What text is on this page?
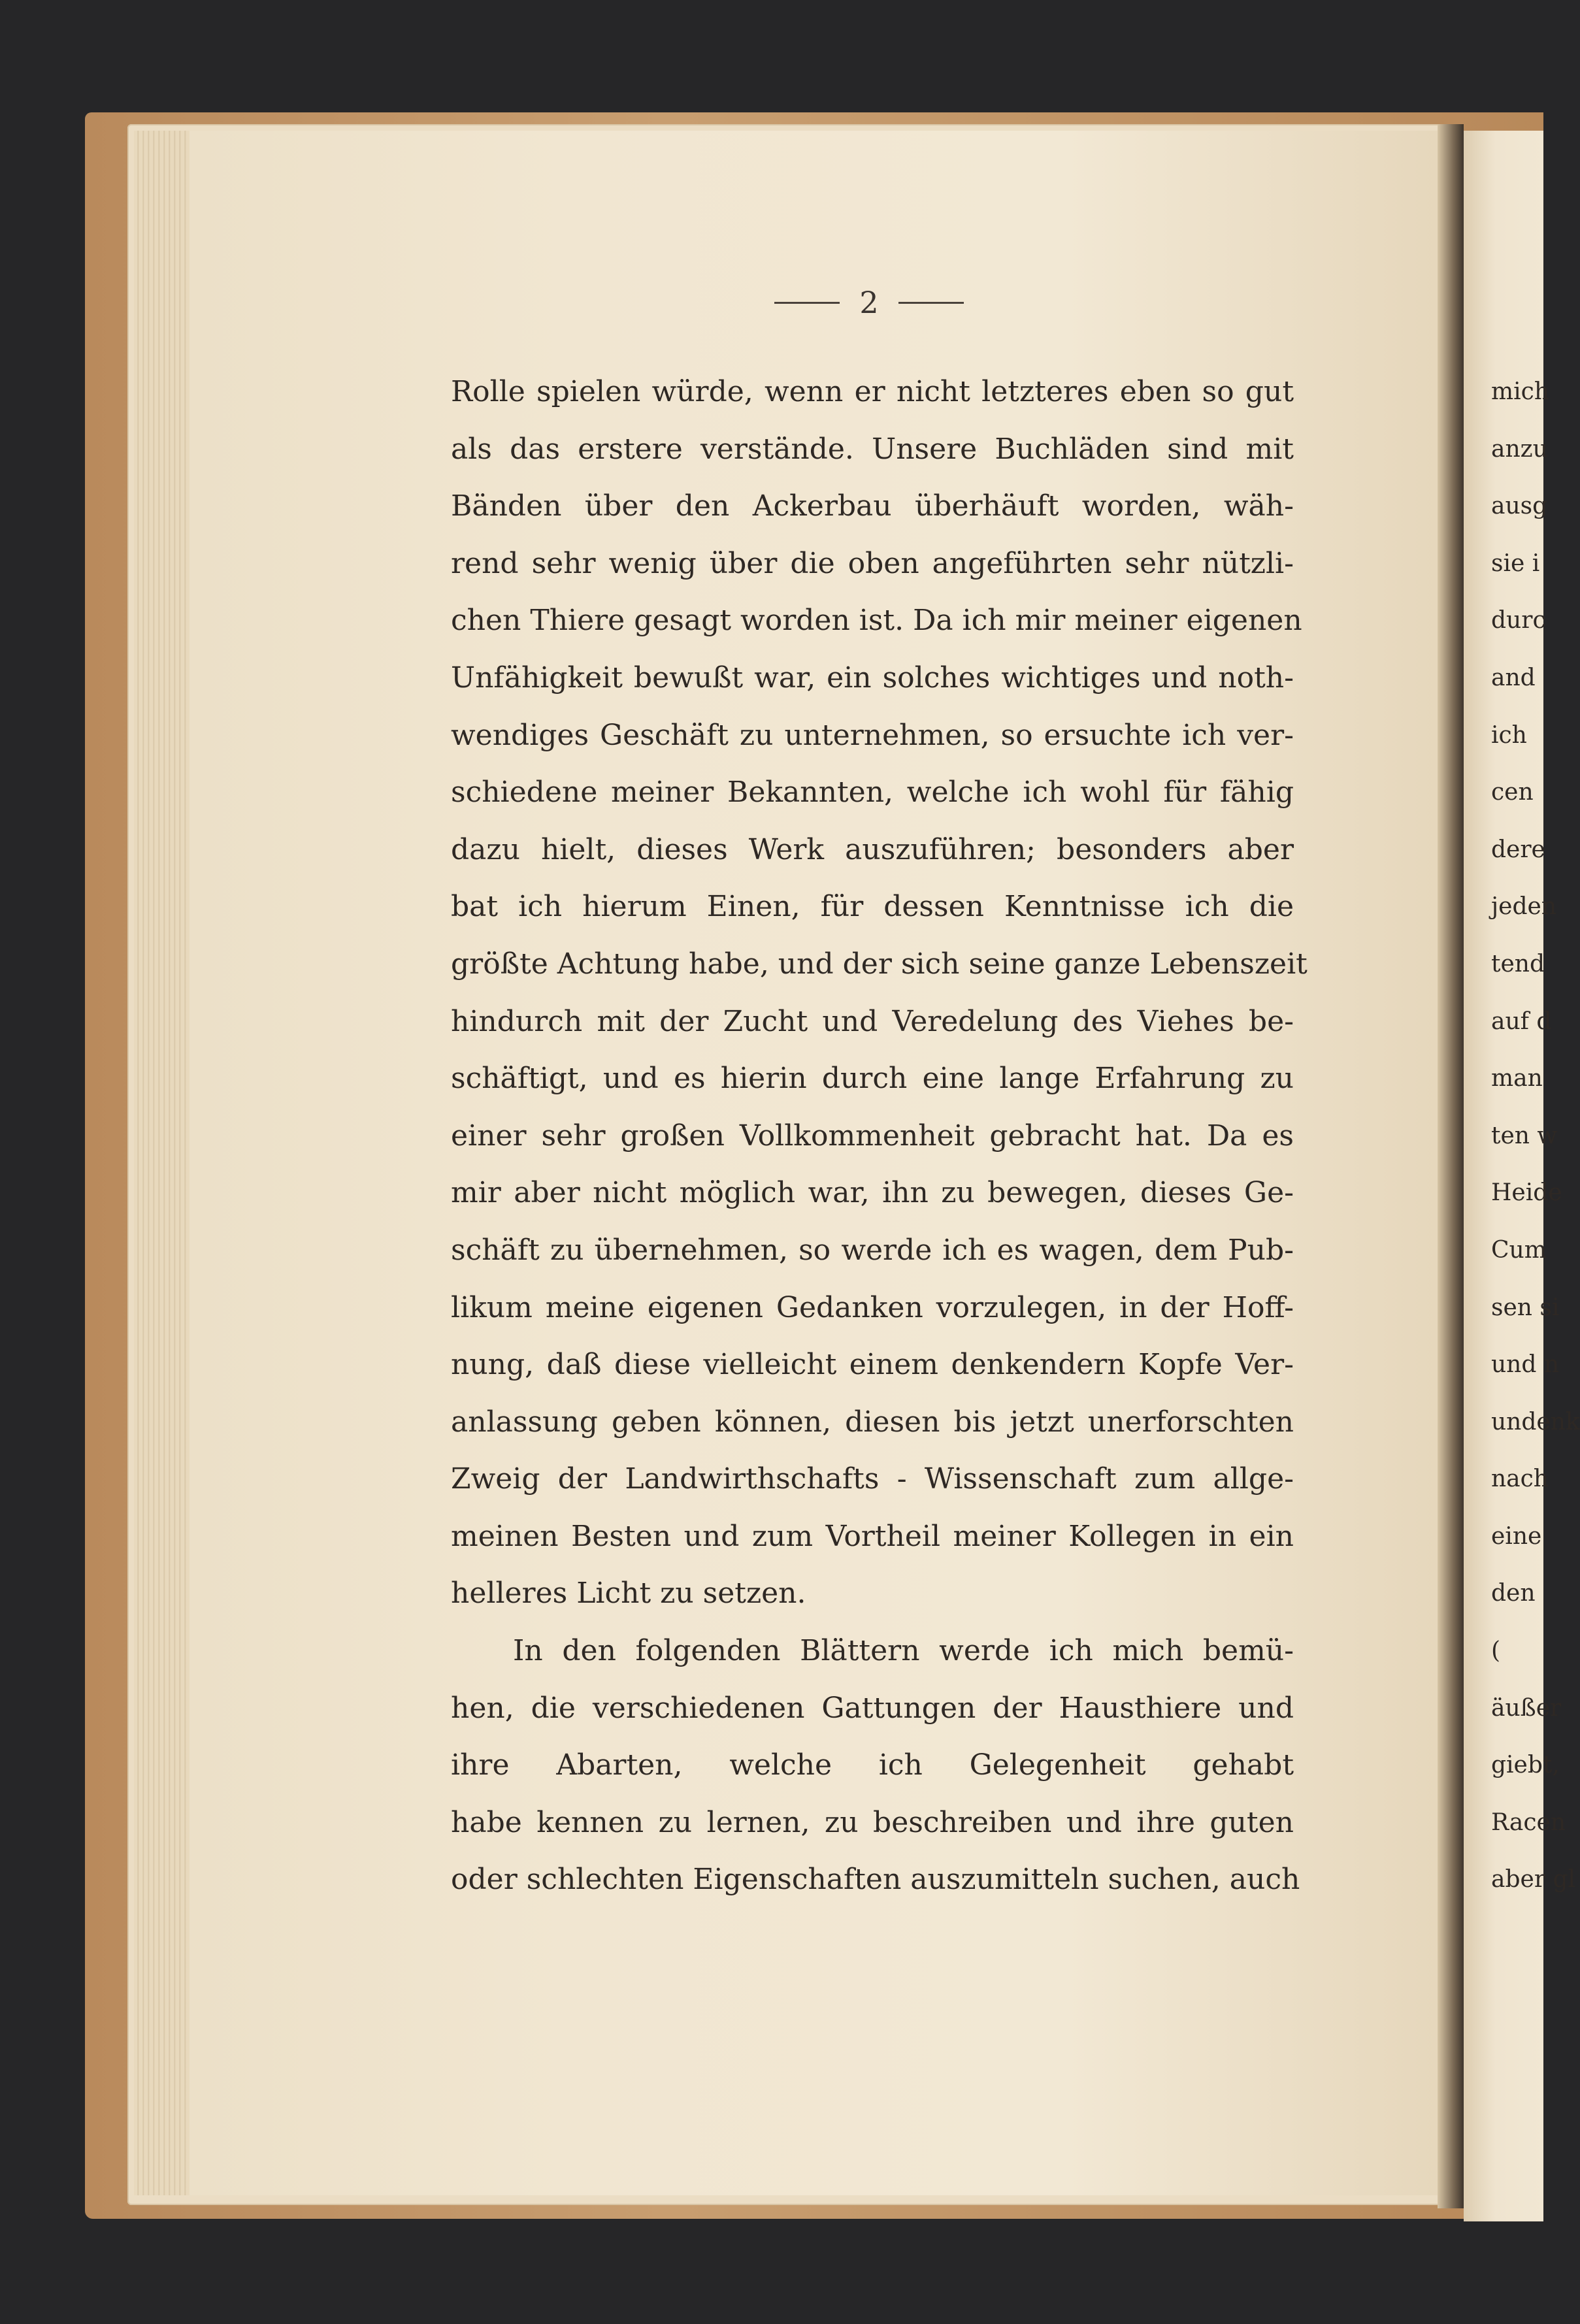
2
Rolle spielen würde, wenn er nicht letzteres eben so gut
als das erstere verstände. Unsere Buchläden sind mit
Bänden über den Ackerbau überhäuft worden, wäh-
rend sehr wenig über die oben angeführten sehr nützli-
chen Thiere gesagt worden ist. Da ich mir meiner eigenen
Unfähigkeit bewußt war, ein solches wichtiges und noth-
wendiges Geschäft zu unternehmen, so ersuchte ich ver-
schiedene meiner Bekannten, welche ich wohl für fähig
dazu hielt, dieses Werk auszuführen; besonders aber
bat ich hierum Einen, für dessen Kenntnisse ich die
größte Achtung habe, und der sich seine ganze Lebenszeit
hindurch mit der Zucht und Veredelung des Viehes be-
schäftigt, und es hierin durch eine lange Erfahrung zu
einer sehr großen Vollkommenheit gebracht hat. Da es
mir aber nicht möglich war, ihn zu bewegen, dieses Ge-
schäft zu übernehmen, so werde ich es wagen, dem Pub-
likum meine eigenen Gedanken vorzulegen, in der Hoff-
nung, daß diese vielleicht einem denkendern Kopfe Ver-
anlassung geben können, diesen bis jetzt unerforschten
Zweig der Landwirthschafts - Wissenschaft zum allge-
meinen Besten und zum Vortheil meiner Kollegen in ein
helleres Licht zu setzen.
In den folgenden Blättern werde ich mich bemü-
hen, die verschiedenen Gattungen der Hausthiere und
ihre Abarten, welche ich Gelegenheit gehabt
habe kennen zu lernen, zu beschreiben und ihre guten
oder schlechten Eigenschaften auszumitteln suchen, auch
mich
anzu
ausg
sie i
durc
and
ich
cen
dere
jeden
tend
auf d
man
ten w
Heide
Cum
sen si
und n
undenk
nach
eine
den
(
äußer
giebt,
Racen
aber gl
